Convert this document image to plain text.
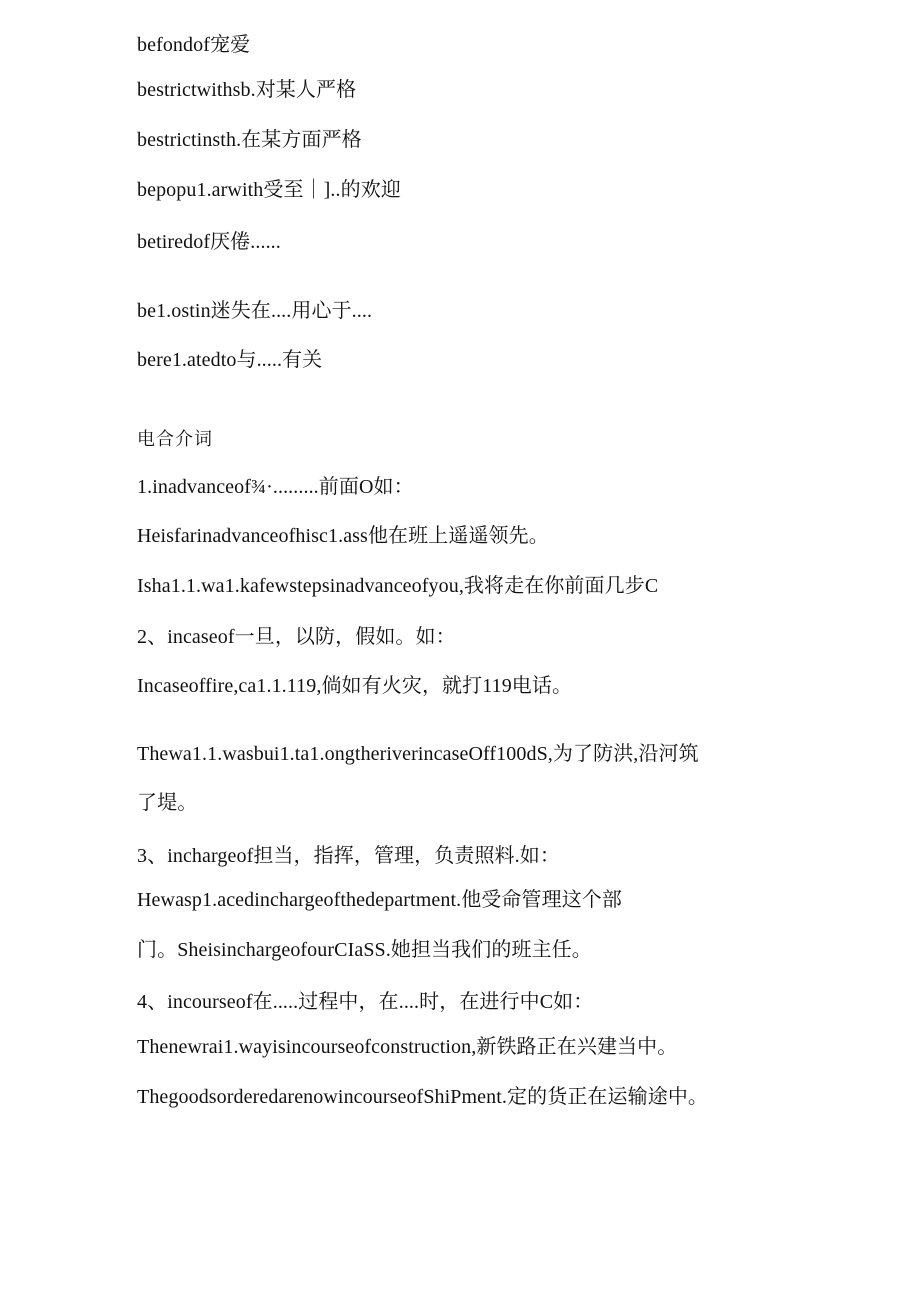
befondof宠爱
bestrictwithsb.对某人严格
bestrictinsth.在某方面严格
bepopu1.arwith受至｜]..的欢迎
betiredof厌倦......
be1.ostin迷失在....用心于....
bere1.atedto与.....有关
电合介词
1.inadvanceof¾·.........前面O如：
Heisfarinadvanceofhisc1.ass他在班上遥遥领先。
Isha1.1.wa1.kafewstepsinadvanceofyou,我将走在你前面几步C
2、incaseof一旦，以防，假如。如：
Incaseoffire,ca1.1.119,倘如有火灾，就打119电话。
Thewa1.1.wasbui1.ta1.ongtheriverincaseOff100dS,为了防洪,沿河筑
了堤。
3、inchargeof担当，指挥，管理，负责照料.如：
Hewasp1.acedinchargeofthedepartment.他受命管理这个部
门。SheisinchargeofourCIaSS.她担当我们的班主任。
4、incourseof在.....过程中，在....时，在进行中C如：
Thenewrai1.wayisincourseofconstruction,新铁路正在兴建当中。
ThegoodsorderedarenowincourseofShiPment.定的货正在运输途中。
